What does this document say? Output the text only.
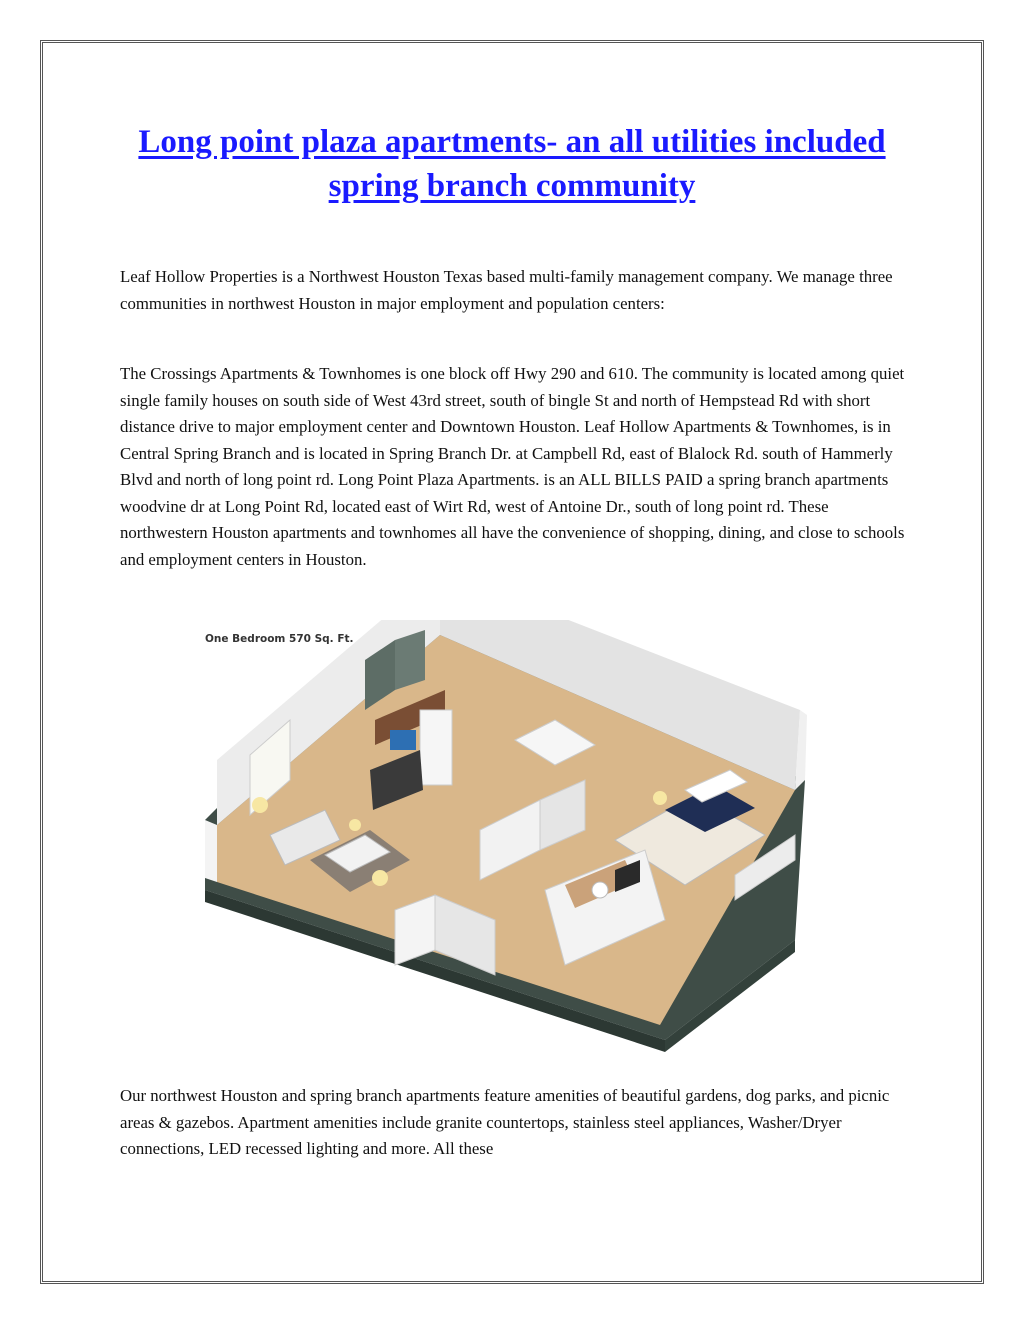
Long point plaza apartments- an all utilities included spring branch community

Leaf Hollow Properties is a Northwest Houston Texas based multi-family management company. We manage three communities in northwest Houston in major employment and population centers:

The Crossings Apartments & Townhomes is one block off Hwy 290 and 610. The community is located among quiet single family houses on south side of West 43rd street, south of bingle St and north of Hempstead Rd with short distance drive to major employment center and Downtown Houston. Leaf Hollow Apartments & Townhomes, is in Central Spring Branch and is located in Spring Branch Dr. at Campbell Rd, east of Blalock Rd. south of Hammerly Blvd and north of long point rd. Long Point Plaza Apartments. is an ALL BILLS PAID a spring branch apartments woodvine dr at Long Point Rd, located east of Wirt Rd, west of Antoine Dr., south of long point rd. These northwestern Houston apartments and townhomes all have the convenience of shopping, dining, and close to schools and employment centers in Houston.

One Bedroom 570 Sq. Ft.

Our northwest Houston and spring branch apartments feature amenities of beautiful gardens, dog parks, and picnic areas & gazebos. Apartment amenities include granite countertops, stainless steel appliances, Washer/Dryer connections, LED recessed lighting and more. All these
